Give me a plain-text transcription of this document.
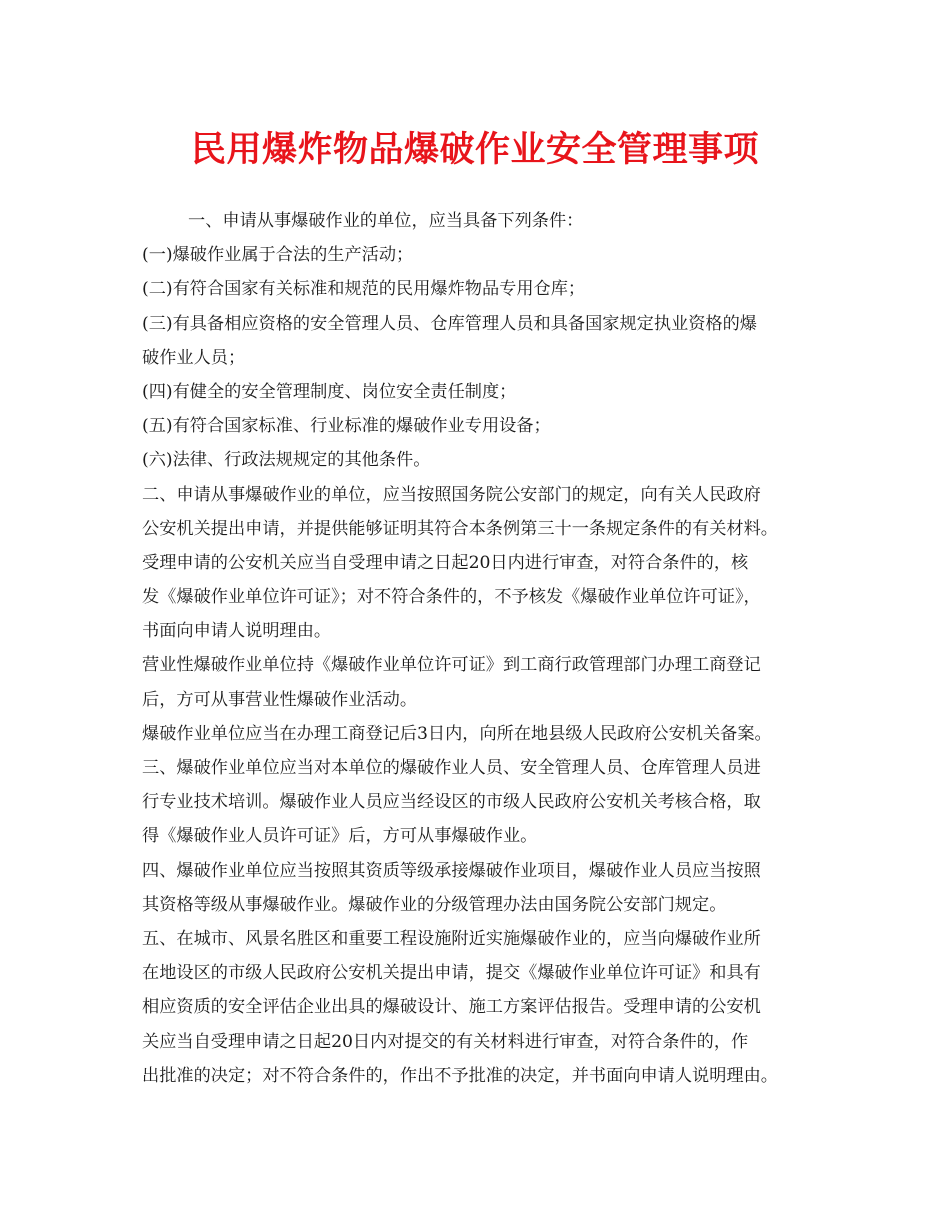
民用爆炸物品爆破作业安全管理事项
一、申请从事爆破作业的单位，应当具备下列条件：
(一)爆破作业属于合法的生产活动；
(二)有符合国家有关标准和规范的民用爆炸物品专用仓库；
(三)有具备相应资格的安全管理人员、仓库管理人员和具备国家规定执业资格的爆
破作业人员；
(四)有健全的安全管理制度、岗位安全责任制度；
(五)有符合国家标准、行业标准的爆破作业专用设备；
(六)法律、行政法规规定的其他条件。
二、申请从事爆破作业的单位，应当按照国务院公安部门的规定，向有关人民政府
公安机关提出申请，并提供能够证明其符合本条例第三十一条规定条件的有关材料。
受理申请的公安机关应当自受理申请之日起20日内进行审查，对符合条件的，核
发《爆破作业单位许可证》；对不符合条件的，不予核发《爆破作业单位许可证》，
书面向申请人说明理由。
营业性爆破作业单位持《爆破作业单位许可证》到工商行政管理部门办理工商登记
后，方可从事营业性爆破作业活动。
爆破作业单位应当在办理工商登记后3日内，向所在地县级人民政府公安机关备案。
三、爆破作业单位应当对本单位的爆破作业人员、安全管理人员、仓库管理人员进
行专业技术培训。爆破作业人员应当经设区的市级人民政府公安机关考核合格，取
得《爆破作业人员许可证》后，方可从事爆破作业。
四、爆破作业单位应当按照其资质等级承接爆破作业项目，爆破作业人员应当按照
其资格等级从事爆破作业。爆破作业的分级管理办法由国务院公安部门规定。
五、在城市、风景名胜区和重要工程设施附近实施爆破作业的，应当向爆破作业所
在地设区的市级人民政府公安机关提出申请，提交《爆破作业单位许可证》和具有
相应资质的安全评估企业出具的爆破设计、施工方案评估报告。受理申请的公安机
关应当自受理申请之日起20日内对提交的有关材料进行审查，对符合条件的，作
出批准的决定；对不符合条件的，作出不予批准的决定，并书面向申请人说明理由。
